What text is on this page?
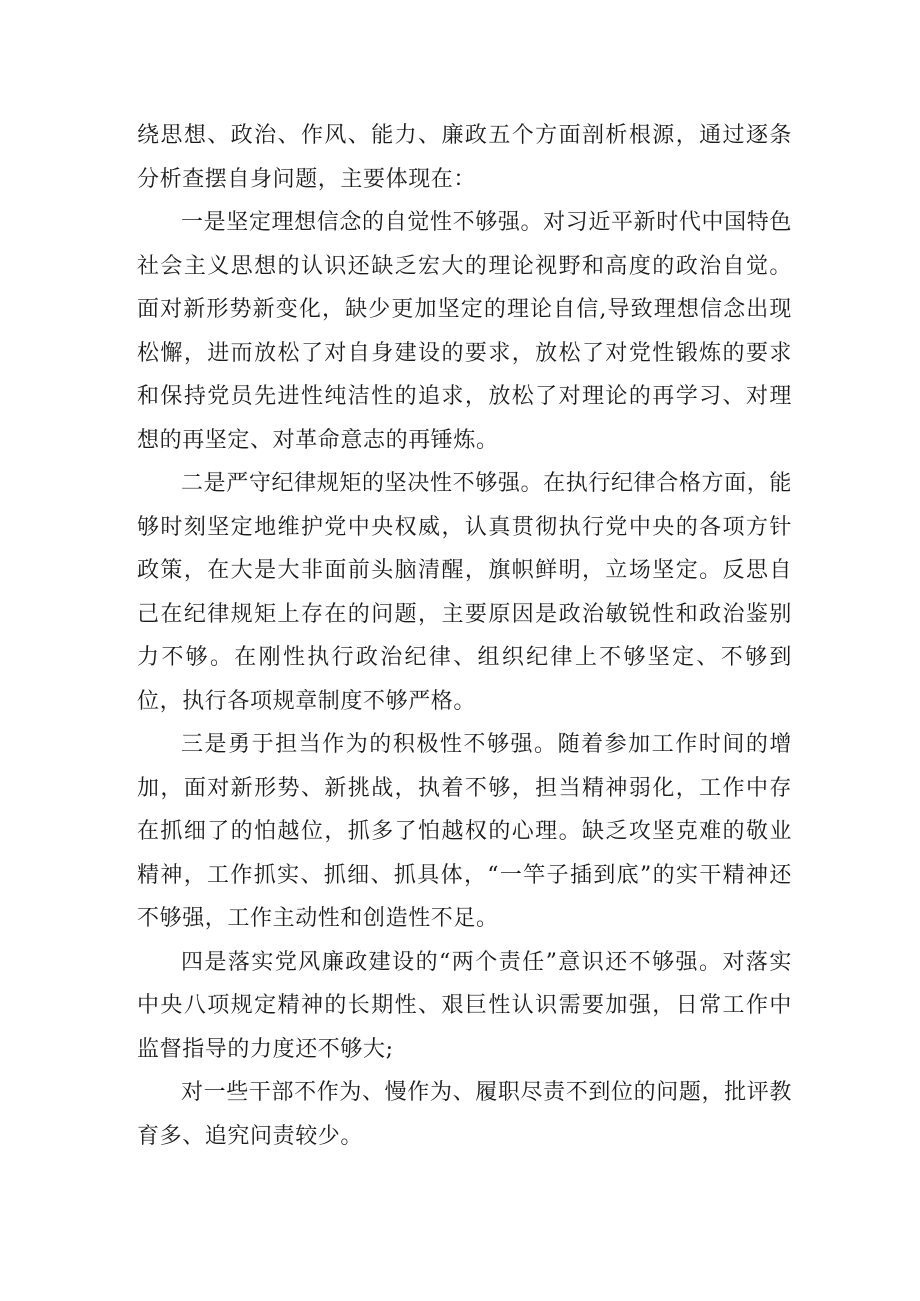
绕思想、政治、作风、能力、廉政五个方面剖析根源，通过逐条分析查摆自身问题，主要体现在：

一是坚定理想信念的自觉性不够强。对习近平新时代中国特色社会主义思想的认识还缺乏宏大的理论视野和高度的政治自觉。面对新形势新变化，缺少更加坚定的理论自信,导致理想信念出现松懈，进而放松了对自身建设的要求，放松了对党性锻炼的要求和保持党员先进性纯洁性的追求，放松了对理论的再学习、对理想的再坚定、对革命意志的再锤炼。

二是严守纪律规矩的坚决性不够强。在执行纪律合格方面，能够时刻坚定地维护党中央权威，认真贯彻执行党中央的各项方针政策，在大是大非面前头脑清醒，旗帜鲜明，立场坚定。反思自己在纪律规矩上存在的问题，主要原因是政治敏锐性和政治鉴别力不够。在刚性执行政治纪律、组织纪律上不够坚定、不够到位，执行各项规章制度不够严格。

三是勇于担当作为的积极性不够强。随着参加工作时间的增加，面对新形势、新挑战，执着不够，担当精神弱化，工作中存在抓细了的怕越位，抓多了怕越权的心理。缺乏攻坚克难的敬业精神，工作抓实、抓细、抓具体，“一竿子插到底”的实干精神还不够强，工作主动性和创造性不足。

四是落实党风廉政建设的“两个责任”意识还不够强。对落实中央八项规定精神的长期性、艰巨性认识需要加强，日常工作中监督指导的力度还不够大;

对一些干部不作为、慢作为、履职尽责不到位的问题，批评教育多、追究问责较少。
